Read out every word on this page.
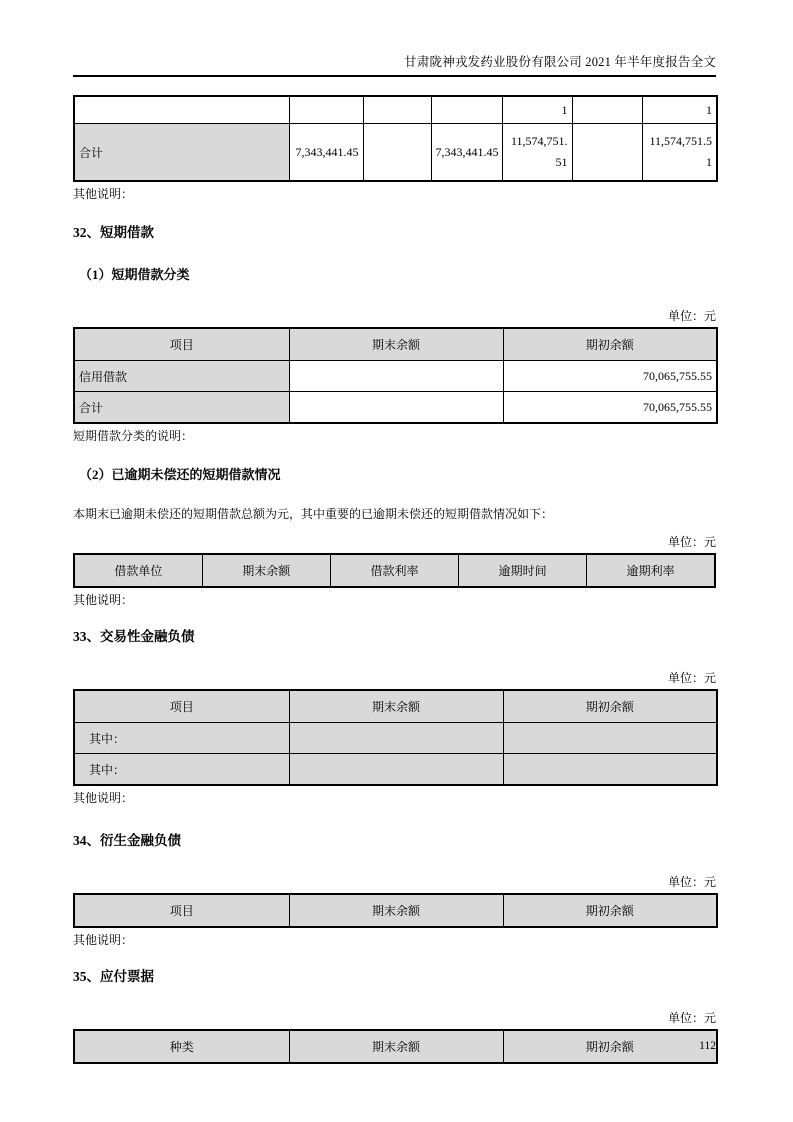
甘肃陇神戎发药业股份有限公司 2021 年半年度报告全文
				1		1
合计	7,343,441.45		7,343,441.45	11,574,751.51		11,574,751.51
其他说明：
32、短期借款
（1）短期借款分类
单位：元
项目	期末余额	期初余额
信用借款		70,065,755.55
合计		70,065,755.55
短期借款分类的说明：
（2）已逾期未偿还的短期借款情况
本期末已逾期未偿还的短期借款总额为元，其中重要的已逾期未偿还的短期借款情况如下：
单位：元
借款单位	期末余额	借款利率	逾期时间	逾期利率
其他说明：
33、交易性金融负债
单位：元
项目	期末余额	期初余额
其中：		
其中：		
其他说明：
34、衍生金融负债
单位：元
项目	期末余额	期初余额
其他说明：
35、应付票据
单位：元
种类	期末余额	期初余额	112
